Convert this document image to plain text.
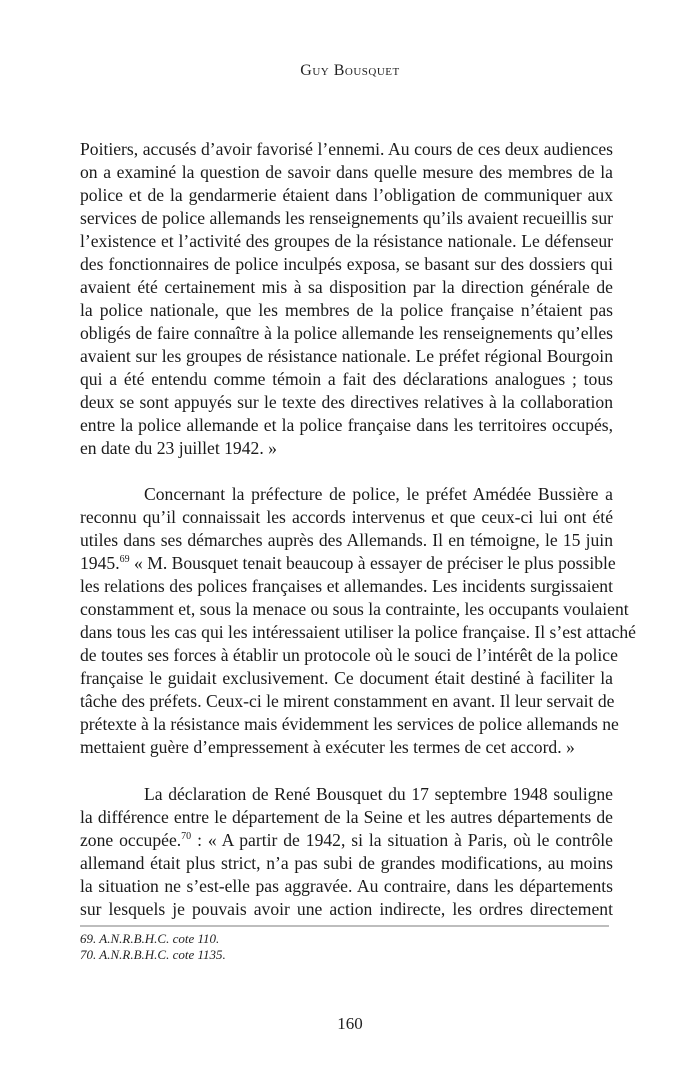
Guy Bousquet
Poitiers, accusés d’avoir favorisé l’ennemi. Au cours de ces deux audiences
on a examiné la question de savoir dans quelle mesure des membres de la
police et de la gendarmerie étaient dans l’obligation de communiquer aux
services de police allemands les renseignements qu’ils avaient recueillis sur
l’existence et l’activité des groupes de la résistance nationale. Le défenseur
des fonctionnaires de police inculpés exposa, se basant sur des dossiers qui
avaient été certainement mis à sa disposition par la direction générale de
la police nationale, que les membres de la police française n’étaient pas
obligés de faire connaître à la police allemande les renseignements qu’elles
avaient sur les groupes de résistance nationale. Le préfet régional Bourgoin
qui a été entendu comme témoin a fait des déclarations analogues ; tous
deux se sont appuyés sur le texte des directives relatives à la collaboration
entre la police allemande et la police française dans les territoires occupés,
en date du 23 juillet 1942. »
Concernant la préfecture de police, le préfet Amédée Bussière a
reconnu qu’il connaissait les accords intervenus et que ceux-ci lui ont été
utiles dans ses démarches auprès des Allemands. Il en témoigne, le 15 juin
1945.69 « M. Bousquet tenait beaucoup à essayer de préciser le plus possible
les relations des polices françaises et allemandes. Les incidents surgissaient
constamment et, sous la menace ou sous la contrainte, les occupants voulaient
dans tous les cas qui les intéressaient utiliser la police française. Il s’est attaché
de toutes ses forces à établir un protocole où le souci de l’intérêt de la police
française le guidait exclusivement. Ce document était destiné à faciliter la
tâche des préfets. Ceux-ci le mirent constamment en avant. Il leur servait de
prétexte à la résistance mais évidemment les services de police allemands ne
mettaient guère d’empressement à exécuter les termes de cet accord. »
La déclaration de René Bousquet du 17 septembre 1948 souligne
la différence entre le département de la Seine et les autres départements de
zone occupée.$^{70}$ : « A partir de 1942, si la situation à Paris, où le contrôle
allemand était plus strict, n’a pas subi de grandes modifications, au moins
la situation ne s’est-elle pas aggravée. Au contraire, dans les départements
sur lesquels je pouvais avoir une action indirecte, les ordres directement
69. A.N.R.B.H.C. cote 110.
70. A.N.R.B.H.C. cote 1135.
160
